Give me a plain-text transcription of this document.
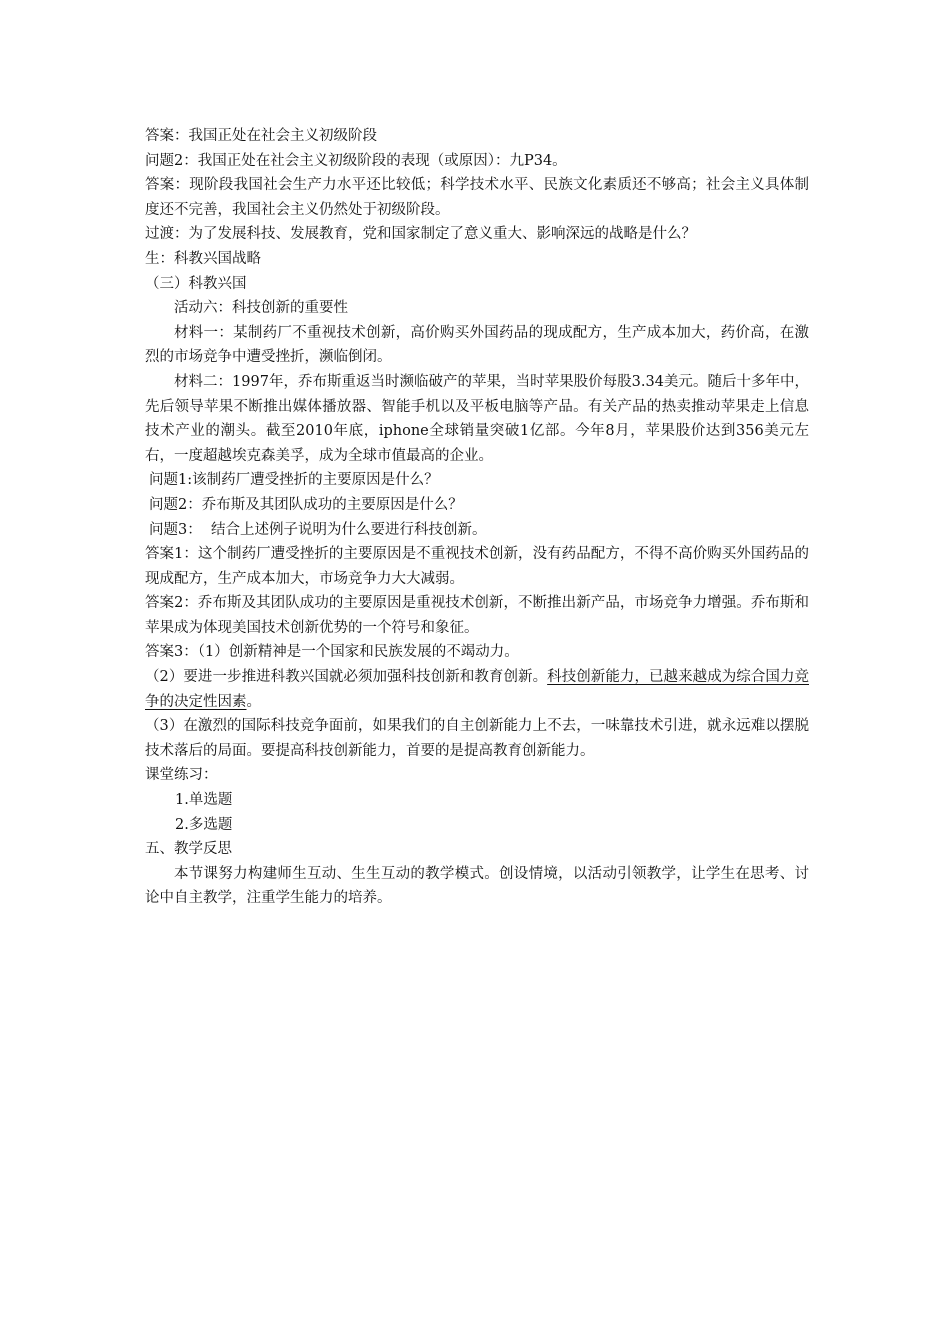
答案：我国正处在社会主义初级阶段

问题2：我国正处在社会主义初级阶段的表现（或原因）：九P34。

答案：现阶段我国社会生产力水平还比较低；科学技术水平、民族文化素质还不够高；社会主义具体制度还不完善，我国社会主义仍然处于初级阶段。

过渡：为了发展科技、发展教育，党和国家制定了意义重大、影响深远的战略是什么？

生：科教兴国战略

（三）科教兴国

活动六：科技创新的重要性

材料一：某制药厂不重视技术创新，高价购买外国药品的现成配方，生产成本加大，药价高，在激烈的市场竞争中遭受挫折，濒临倒闭。

材料二：1997年，乔布斯重返当时濒临破产的苹果，当时苹果股价每股3.34美元。随后十多年中，先后领导苹果不断推出媒体播放器、智能手机以及平板电脑等产品。有关产品的热卖推动苹果走上信息技术产业的潮头。截至2010年底，iphone全球销量突破1亿部。今年8月，苹果股价达到356美元左右，一度超越埃克森美孚，成为全球市值最高的企业。

问题1:该制药厂遭受挫折的主要原因是什么？

问题2：乔布斯及其团队成功的主要原因是什么？

问题3：  结合上述例子说明为什么要进行科技创新。

答案1：这个制药厂遭受挫折的主要原因是不重视技术创新，没有药品配方，不得不高价购买外国药品的现成配方，生产成本加大，市场竞争力大大减弱。

答案2：乔布斯及其团队成功的主要原因是重视技术创新，不断推出新产品，市场竞争力增强。乔布斯和苹果成为体现美国技术创新优势的一个符号和象征。

答案3：（1）创新精神是一个国家和民族发展的不竭动力。

（2）要进一步推进科教兴国就必须加强科技创新和教育创新。科技创新能力，已越来越成为综合国力竞争的决定性因素。

（3）在激烈的国际科技竞争面前，如果我们的自主创新能力上不去，一味靠技术引进，就永远难以摆脱技术落后的局面。要提高科技创新能力，首要的是提高教育创新能力。

课堂练习：

1.单选题

2.多选题

五、教学反思

本节课努力构建师生互动、生生互动的教学模式。创设情境，以活动引领教学，让学生在思考、讨论中自主教学，注重学生能力的培养。
